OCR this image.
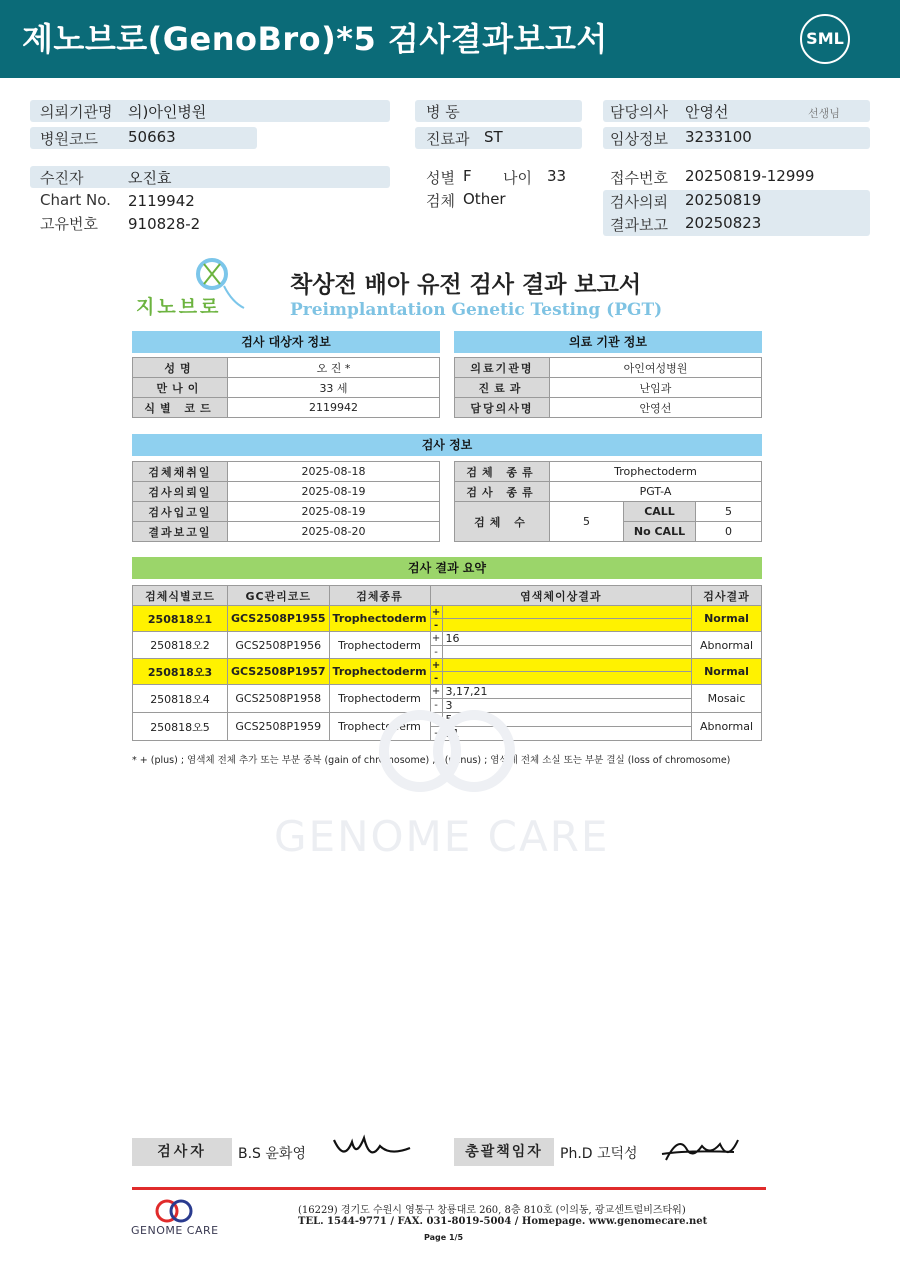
제노브로(GenoBro)*5 검사결과보고서	SML
의뢰기관명 의)아인병원
병원코드 50663
수진자	오진효
Chart No. 2119942
고유번호 910828-2
병 동
진료과 ST
성별 F 나이 33
검체 Other
담당의사 안영선	선생님
임상정보 3233100
접수번호 20250819-12999
검사의뢰 20250819
결과보고 20250823
지노브로
착상전 배아 유전 검사 결과 보고서
Preimplantation Genetic Testing (PGT)
검사 대상자 정보
성명	오 진 *
만나이	33 세
식별 코드	2119942
의료 기관 정보
의료기관명	아인여성병원
진료과	난임과
담당의사명	안영선
검사 정보
검체채취일	2025-08-18
검사의뢰일	2025-08-19
검사입고일	2025-08-19
결과보고일	2025-08-20
검체 종류	Trophectoderm		
검사 종류	PGT-A		
검체 수	5	CALL	5
		No CALL	0
검사 결과 요약
검체식별코드	GC관리코드	검체종류	염색체이상결과		검사결과
250818오1	GCS2508P1955	Trophectoderm	+		Normal
			-		
250818오2	GCS2508P1956	Trophectoderm	+	16	Abnormal
			-		
250818오3	GCS2508P1957	Trophectoderm	+		Normal
			-		
250818오4	GCS2508P1958	Trophectoderm	+	3,17,21	Mosaic
			-	3	
250818오5	GCS2508P1959	Trophectoderm	+	5	Abnormal
			-	11	
* + (plus) ; 염색체 전체 추가 또는 부분 중복 (gain of chromosome) , - (minus) ; 염색체 전체 소실 또는 부분 결실 (loss of chromosome)
GENOME CARE
검사자	B.S 윤화영	총괄책임자	Ph.D 고덕성
GENOME CARE
(16229) 경기도 수원시 영통구 창룡대로 260, 8층 810호 (이의동, 광교센트럴비즈타워)
TEL. 1544-9771 / FAX. 031-8019-5004 / Homepage. www.genomecare.net
Page 1/5
